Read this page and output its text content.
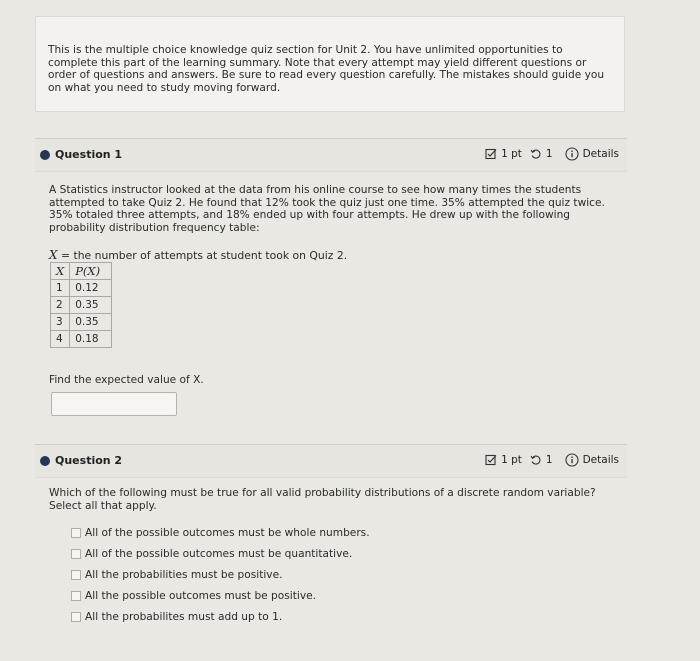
This is the multiple choice knowledge quiz section for Unit 2. You have unlimited opportunities to complete this part of the learning summary. Note that every attempt may yield different questions or order of questions and answers. Be sure to read every question carefully. The mistakes should guide you on what you need to study moving forward.
Question 1	1 pt 1	Details
A Statistics instructor looked at the data from his online course to see how many times the students attempted to take Quiz 2. He found that 12% took the quiz just one time. 35% attempted the quiz twice. 35% totaled three attempts, and 18% ended up with four attempts. He drew up with the following probability distribution frequency table:
X = the number of attempts at student took on Quiz 2.
X	P(X)
1	0.12
2	0.35
3	0.35
4	0.18
Find the expected value of X.
Question 2	1 pt 1	Details
Which of the following must be true for all valid probability distributions of a discrete random variable? Select all that apply.
All of the possible outcomes must be whole numbers.
All of the possible outcomes must be quantitative.
All the probabilities must be positive.
All the possible outcomes must be positive.
All the probabilites must add up to 1.
